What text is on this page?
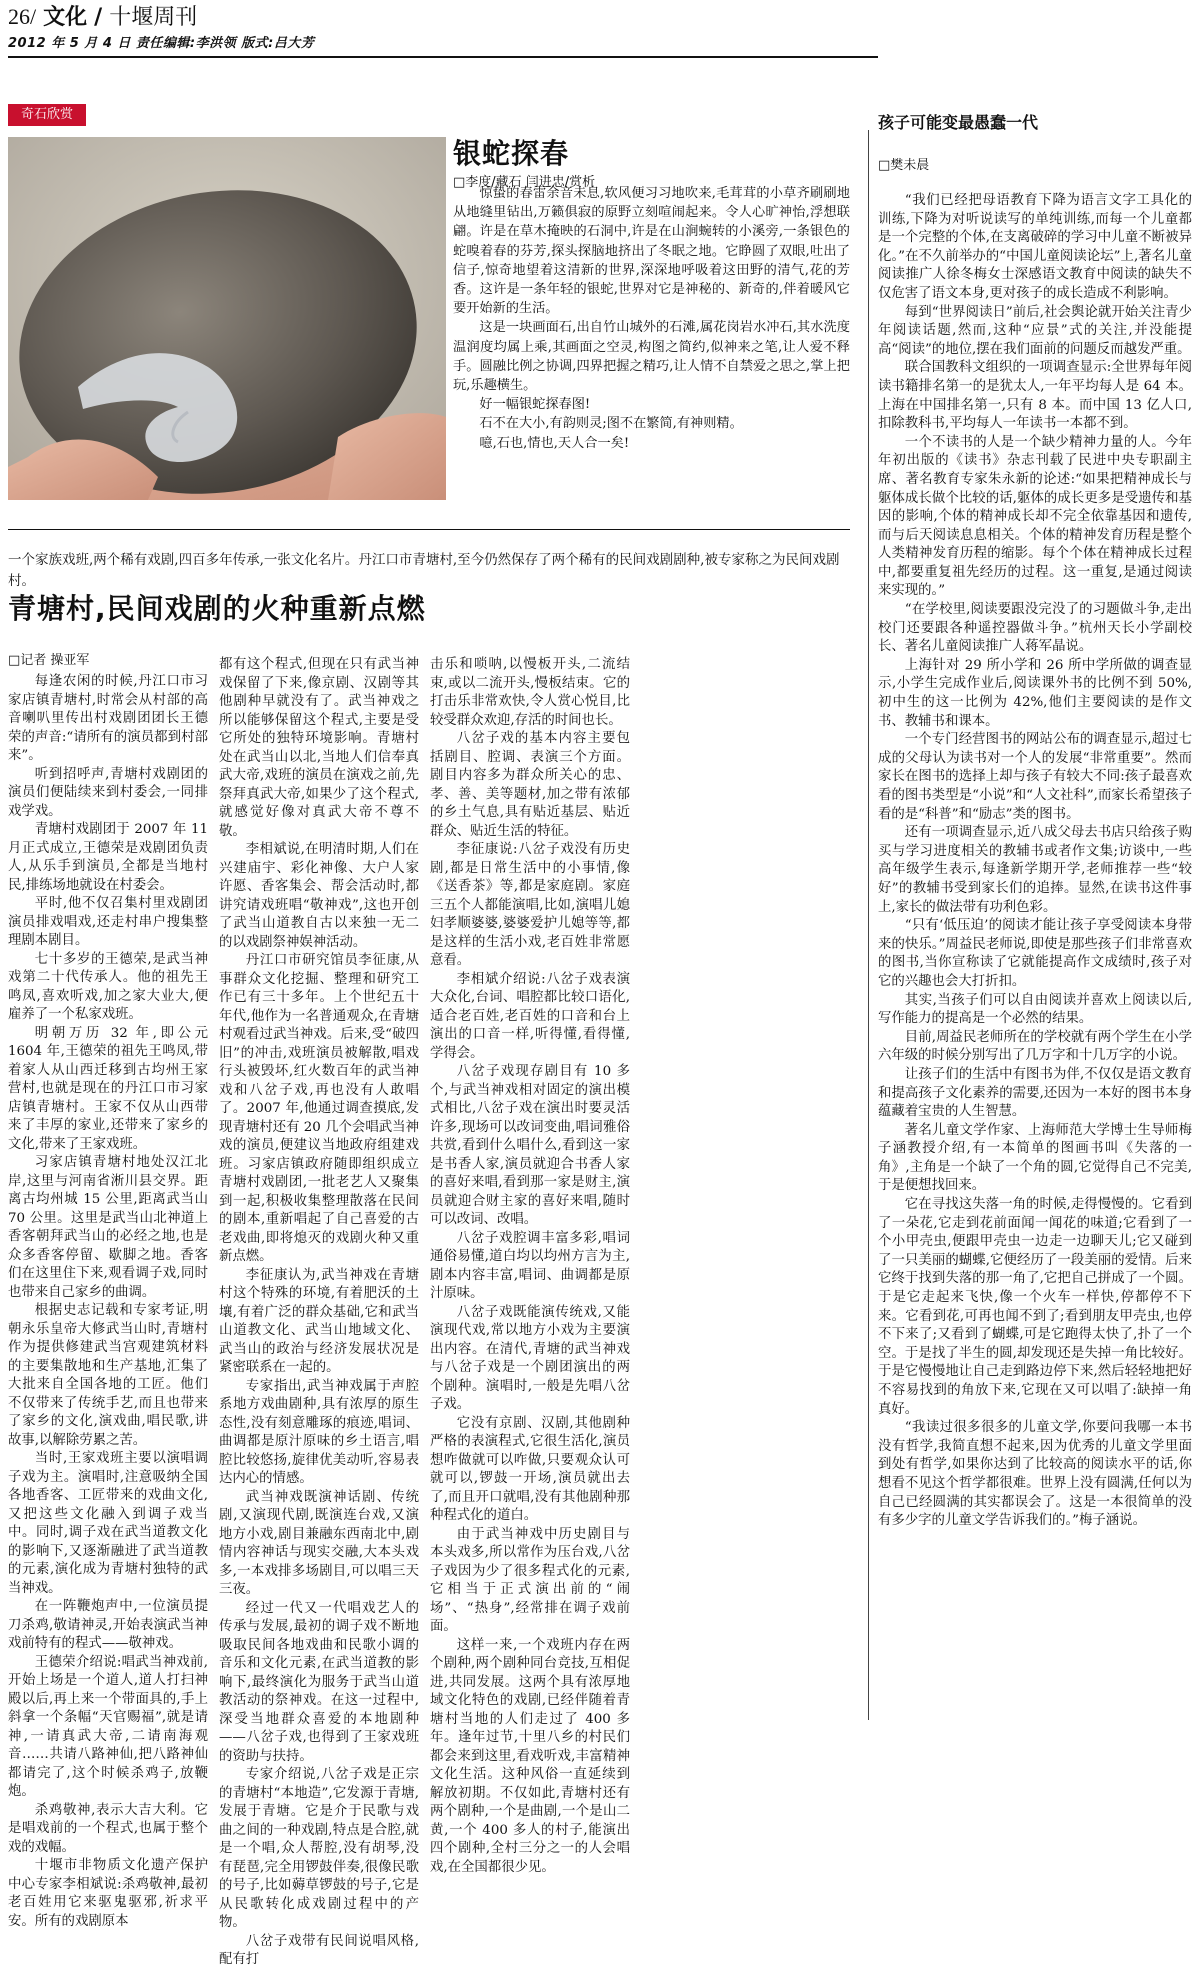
26/ 文化 / 十堰周刊
2012 年 5 月 4 日 责任编辑:李洪领 版式:吕大芳
奇石欣赏
银蛇探春
□李度/藏石 闫进忠/赏析

惊蛰的春雷余音未息,软风便习习地吹来,毛茸茸的小草齐刷刷地从地缝里钻出,万籁俱寂的原野立刻喧闹起来。令人心旷神怡,浮想联翩。许是在草木掩映的石洞中,许是在山涧蜿转的小溪旁,一条银色的蛇嗅着春的芬芳,探头探脑地挤出了冬眠之地。它睁圆了双眼,吐出了信子,惊奇地望着这清新的世界,深深地呼吸着这田野的清气,花的芳香。这许是一条年轻的银蛇,世界对它是神秘的、新奇的,伴着暖风它要开始新的生活。

这是一块画面石,出自竹山城外的石滩,属花岗岩水冲石,其水洗度温润度均属上乘,其画面之空灵,构图之简约,似神来之笔,让人爱不释手。圆融比例之协调,四界把握之精巧,让人情不自禁爱之思之,掌上把玩,乐趣横生。

好一幅银蛇探春图!

石不在大小,有韵则灵;图不在繁简,有神则精。

噫,石也,情也,天人合一矣!

一个家族戏班,两个稀有戏剧,四百多年传承,一张文化名片。丹江口市青塘村,至今仍然保存了两个稀有的民间戏剧剧种,被专家称之为民间戏剧村。
青塘村,民间戏剧的火种重新点燃
□记者 操亚军

每逢农闲的时候,丹江口市习家店镇青塘村,时常会从村部的高音喇叭里传出村戏剧团团长王德荣的声音:“请所有的演员都到村部来”。

听到招呼声,青塘村戏剧团的演员们便陆续来到村委会,一同排戏学戏。

青塘村戏剧团于 2007 年 11 月正式成立,王德荣是戏剧团负责人,从乐手到演员,全都是当地村民,排练场地就设在村委会。

平时,他不仅召集村里戏剧团演员排戏唱戏,还走村串户搜集整理剧本剧目。

七十多岁的王德荣,是武当神戏第二十代传承人。他的祖先王鸣凤,喜欢听戏,加之家大业大,便雇养了一个私家戏班。

明朝万历 32 年,即公元 1604 年,王德荣的祖先王鸣凤,带着家人从山西迁移到古均州王家营村,也就是现在的丹江口市习家店镇青塘村。王家不仅从山西带来了丰厚的家业,还带来了家乡的文化,带来了王家戏班。

习家店镇青塘村地处汉江北岸,这里与河南省淅川县交界。距离古均州城 15 公里,距离武当山 70 公里。这里是武当山北神道上香客朝拜武当山的必经之地,也是众多香客停留、歇脚之地。香客们在这里住下来,观看调子戏,同时也带来自己家乡的曲调。

根据史志记载和专家考证,明朝永乐皇帝大修武当山时,青塘村作为提供修建武当宫观建筑材料的主要集散地和生产基地,汇集了大批来自全国各地的工匠。他们不仅带来了传统手艺,而且也带来了家乡的文化,演戏曲,唱民歌,讲故事,以解除劳累之苦。

当时,王家戏班主要以演唱调子戏为主。演唱时,注意吸纳全国各地香客、工匠带来的戏曲文化,又把这些文化融入到调子戏当中。同时,调子戏在武当道教文化的影响下,又逐渐融进了武当道教的元素,演化成为青塘村独特的武当神戏。

在一阵鞭炮声中,一位演员提刀杀鸡,敬请神灵,开始表演武当神戏前特有的程式——敬神戏。

王德荣介绍说:唱武当神戏前,开始上场是一个道人,道人打扫神殿以后,再上来一个带面具的,手上斜拿一个条幅“天官赐福”,就是请神,一请真武大帝,二请南海观音……共请八路神仙,把八路神仙都请完了,这个时候杀鸡子,放鞭炮。

杀鸡敬神,表示大吉大利。它是唱戏前的一个程式,也属于整个戏的戏幅。

十堰市非物质文化遗产保护中心专家李相斌说:杀鸡敬神,最初老百姓用它来驱鬼驱邪,祈求平安。所有的戏剧原本

都有这个程式,但现在只有武当神戏保留了下来,像京剧、汉剧等其他剧种早就没有了。武当神戏之所以能够保留这个程式,主要是受它所处的独特环境影响。青塘村处在武当山以北,当地人们信奉真武大帝,戏班的演员在演戏之前,先祭拜真武大帝,如果少了这个程式,就感觉好像对真武大帝不尊不敬。

李相斌说,在明清时期,人们在兴建庙宇、彩化神像、大户人家许愿、香客集会、帮会活动时,都讲究请戏班唱“敬神戏”,这也开创了武当山道教自古以来独一无二的以戏剧祭神娱神活动。

丹江口市研究馆员李征康,从事群众文化挖掘、整理和研究工作已有三十多年。上个世纪五十年代,他作为一名普通观众,在青塘村观看过武当神戏。后来,受“破四旧”的冲击,戏班演员被解散,唱戏行头被毁坏,红火数百年的武当神戏和八岔子戏,再也没有人敢唱了。2007 年,他通过调查摸底,发现青塘村还有 20 几个会唱武当神戏的演员,便建议当地政府组建戏班。习家店镇政府随即组织成立青塘村戏剧团,一批老艺人又聚集到一起,积极收集整理散落在民间的剧本,重新唱起了自己喜爱的古老戏曲,即将熄灭的戏剧火种又重新点燃。

李征康认为,武当神戏在青塘村这个特殊的环境,有着肥沃的土壤,有着广泛的群众基础,它和武当山道教文化、武当山地域文化、武当山的政治与经济发展状况是紧密联系在一起的。

专家指出,武当神戏属于声腔系地方戏曲剧种,具有浓厚的原生态性,没有刻意雕琢的痕迹,唱词、曲调都是原汁原味的乡土语言,唱腔比较悠扬,旋律优美动听,容易表达内心的情感。

武当神戏既演神话剧、传统剧,又演现代剧,既演连台戏,又演地方小戏,剧目兼融东西南北中,剧情内容神话与现实交融,大本头戏多,一本戏排多场剧目,可以唱三天三夜。

经过一代又一代唱戏艺人的传承与发展,最初的调子戏不断地吸取民间各地戏曲和民歌小调的音乐和文化元素,在武当道教的影响下,最终演化为服务于武当山道教活动的祭神戏。在这一过程中,深受当地群众喜爱的本地剧种——八岔子戏,也得到了王家戏班的资助与扶持。

专家介绍说,八岔子戏是正宗的青塘村“本地造”,它发源于青塘,发展于青塘。它是介于民歌与戏曲之间的一种戏剧,特点是合腔,就是一个唱,众人帮腔,没有胡琴,没有琵琶,完全用锣鼓伴奏,很像民歌的号子,比如薅草锣鼓的号子,它是从民歌转化成戏剧过程中的产物。

八岔子戏带有民间说唱风格,配有打

击乐和唢呐,以慢板开头,二流结束,或以二流开头,慢板结束。它的打击乐非常欢快,令人赏心悦目,比较受群众欢迎,存活的时间也长。

八岔子戏的基本内容主要包括剧目、腔调、表演三个方面。剧目内容多为群众所关心的忠、孝、善、美等题材,加之带有浓郁的乡土气息,具有贴近基层、贴近群众、贴近生活的特征。

李征康说:八岔子戏没有历史剧,都是日常生活中的小事情,像《送香茶》等,都是家庭剧。家庭三五个人都能演唱,比如,演唱儿媳妇孝顺婆婆,婆婆爱护儿媳等等,都是这样的生活小戏,老百姓非常愿意看。

李相斌介绍说:八岔子戏表演大众化,台词、唱腔都比较口语化,适合老百姓,老百姓的口音和台上演出的口音一样,听得懂,看得懂,学得会。

八岔子戏现存剧目有 10 多个,与武当神戏相对固定的演出模式相比,八岔子戏在演出时要灵活许多,现场可以改词变曲,唱词雅俗共赏,看到什么唱什么,看到这一家是书香人家,演员就迎合书香人家的喜好来唱,看到那一家是财主,演员就迎合财主家的喜好来唱,随时可以改词、改唱。

八岔子戏腔调丰富多彩,唱词通俗易懂,道白均以均州方言为主,剧本内容丰富,唱词、曲调都是原汁原味。

八岔子戏既能演传统戏,又能演现代戏,常以地方小戏为主要演出内容。在清代,青塘的武当神戏与八岔子戏是一个剧团演出的两个剧种。演唱时,一般是先唱八岔子戏。

它没有京剧、汉剧,其他剧种严格的表演程式,它很生活化,演员想咋做就可以咋做,只要观众认可就可以,锣鼓一开场,演员就出去了,而且开口就唱,没有其他剧种那种程式化的道白。

由于武当神戏中历史剧目与本头戏多,所以常作为压台戏,八岔子戏因为少了很多程式化的元素,它相当于正式演出前的“闹场”、“热身”,经常排在调子戏前面。

这样一来,一个戏班内存在两个剧种,两个剧种同台竞技,互相促进,共同发展。这两个具有浓厚地域文化特色的戏剧,已经伴随着青塘村当地的人们走过了 400 多年。逢年过节,十里八乡的村民们都会来到这里,看戏听戏,丰富精神文化生活。这种风俗一直延续到解放初期。不仅如此,青塘村还有两个剧种,一个是曲剧,一个是山二黄,一个 400 多人的村子,能演出四个剧种,全村三分之一的人会唱戏,在全国都很少见。

孩子可能变最愚蠢一代
□樊未晨

“我们已经把母语教育下降为语言文字工具化的训练,下降为对听说读写的单纯训练,而每一个儿童都是一个完整的个体,在支离破碎的学习中儿童不断被异化。”在不久前举办的“中国儿童阅读论坛”上,著名儿童阅读推广人徐冬梅女士深感语文教育中阅读的缺失不仅危害了语文本身,更对孩子的成长造成不利影响。

每到“世界阅读日”前后,社会舆论就开始关注青少年阅读话题,然而,这种“应景”式的关注,并没能提高“阅读”的地位,摆在我们面前的问题反而越发严重。

联合国教科文组织的一项调查显示:全世界每年阅读书籍排名第一的是犹太人,一年平均每人是 64 本。上海在中国排名第一,只有 8 本。而中国 13 亿人口,扣除教科书,平均每人一年读书一本都不到。

一个不读书的人是一个缺少精神力量的人。今年年初出版的《读书》杂志刊载了民进中央专职副主席、著名教育专家朱永新的论述:“如果把精神成长与躯体成长做个比较的话,躯体的成长更多是受遗传和基因的影响,个体的精神成长却不完全依靠基因和遗传,而与后天阅读息息相关。个体的精神发育历程是整个人类精神发育历程的缩影。每个个体在精神成长过程中,都要重复祖先经历的过程。这一重复,是通过阅读来实现的。”

“在学校里,阅读要跟没完没了的习题做斗争,走出校门还要跟各种遥控器做斗争。”杭州天长小学副校长、著名儿童阅读推广人蒋军晶说。

上海针对 29 所小学和 26 所中学所做的调查显示,小学生完成作业后,阅读课外书的比例不到 50%,初中生的这一比例为 42%,他们主要阅读的是作文书、教辅书和课本。

一个专门经营图书的网站公布的调查显示,超过七成的父母认为读书对一个人的发展“非常重要”。然而家长在图书的选择上却与孩子有较大不同:孩子最喜欢看的图书类型是“小说”和“人文社科”,而家长希望孩子看的是“科普”和“励志”类的图书。

还有一项调查显示,近八成父母去书店只给孩子购买与学习进度相关的教辅书或者作文集;访谈中,一些高年级学生表示,每逢新学期开学,老师推荐一些“较好”的教辅书受到家长们的追捧。显然,在读书这件事上,家长的做法带有功利色彩。

“只有‘低压迫’的阅读才能让孩子享受阅读本身带来的快乐。”周益民老师说,即使是那些孩子们非常喜欢的图书,当你宣称读了它就能提高作文成绩时,孩子对它的兴趣也会大打折扣。

其实,当孩子们可以自由阅读并喜欢上阅读以后,写作能力的提高是一个必然的结果。

目前,周益民老师所在的学校就有两个学生在小学六年级的时候分别写出了几万字和十几万字的小说。

让孩子们的生活中有图书为伴,不仅仅是语文教育和提高孩子文化素养的需要,还因为一本好的图书本身蕴藏着宝贵的人生智慧。

著名儿童文学作家、上海师范大学博士生导师梅子涵教授介绍,有一本简单的图画书叫《失落的一角》,主角是一个缺了一个角的圆,它觉得自己不完美,于是便想找回来。

它在寻找这失落一角的时候,走得慢慢的。它看到了一朵花,它走到花前面闻一闻花的味道;它看到了一个小甲壳虫,便跟甲壳虫一边走一边聊天儿;它又碰到了一只美丽的蝴蝶,它便经历了一段美丽的爱情。后来它终于找到失落的那一角了,它把自己拼成了一个圆。于是它走起来飞快,像一个火车一样快,停都停不下来。它看到花,可再也闻不到了;看到朋友甲壳虫,也停不下来了;又看到了蝴蝶,可是它跑得太快了,扑了一个空。于是找了半生的圆,却发现还是失掉一角比较好。于是它慢慢地让自己走到路边停下来,然后轻轻地把好不容易找到的角放下来,它现在又可以唱了:缺掉一角真好。

“我读过很多很多的儿童文学,你要问我哪一本书没有哲学,我简直想不起来,因为优秀的儿童文学里面到处有哲学,如果你达到了比较高的阅读水平的话,你想看不见这个哲学都很难。世界上没有圆满,任何以为自己已经圆满的其实都误会了。这是一本很简单的没有多少字的儿童文学告诉我们的。”梅子涵说。
